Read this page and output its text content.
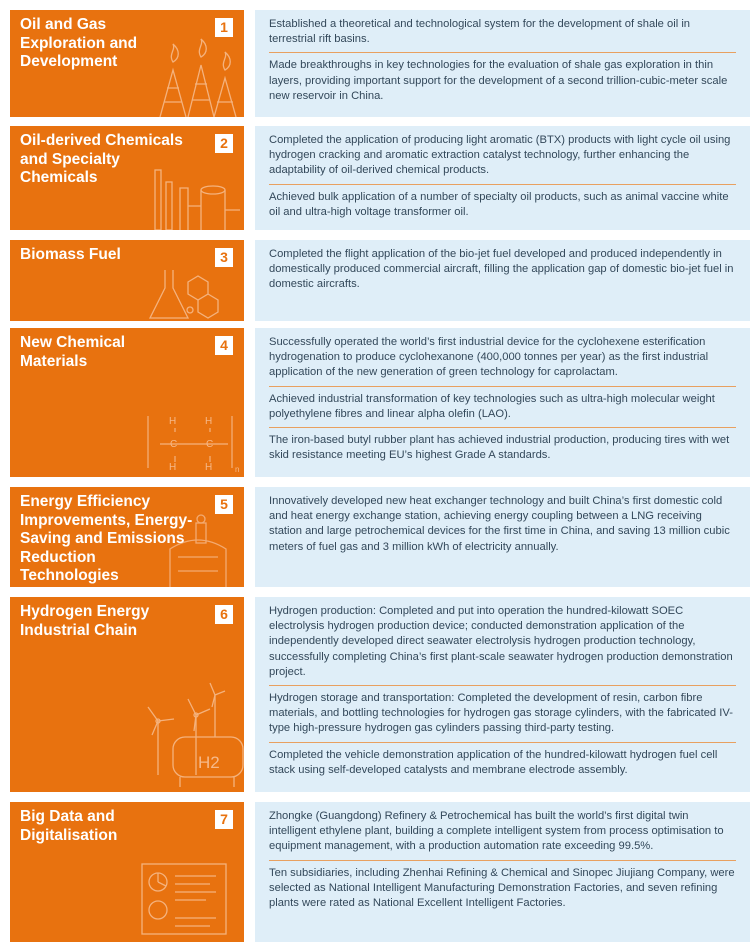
Oil and Gas Exploration and Development
1	Established a theoretical and technological system for the development of shale oil in terrestrial rift basins.
Made breakthroughs in key technologies for the evaluation of shale gas exploration in thin layers, providing important support for the development of a second trillion-cubic-meter scale new reservoir in China.
Oil-derived Chemicals and Specialty Chemicals
2	Completed the application of producing light aromatic (BTX) products with light cycle oil using hydrogen cracking and aromatic extraction catalyst technology, further enhancing the adaptability of oil-derived chemical products.
Achieved bulk application of a number of specialty oil products, such as animal vaccine white oil and ultra-high voltage transformer oil.
Biomass Fuel	3	Completed the flight application of the bio-jet fuel developed and produced independently in domestically produced commercial aircraft, filling the application gap of domestic bio-jet fuel in domestic aircrafts.
New Chemical Materials
4
H	H
C	C
H	H	n
Successfully operated the world’s first industrial device for the cyclohexene esterification hydrogenation to produce cyclohexanone (400,000 tonnes per year) as the first industrial application of the new generation of green technology for caprolactam.
Achieved industrial transformation of key technologies such as ultra-high molecular weight polyethylene fibres and linear alpha olefin (LAO).
The iron-based butyl rubber plant has achieved industrial production, producing tires with wet skid resistance meeting EU’s highest Grade A standards.
Energy Efficiency Improvements, Energy-Saving and Emissions Reduction Technologies
5	Innovatively developed new heat exchanger technology and built China’s first domestic cold and heat energy exchange station, achieving energy coupling between a LNG receiving station and large petrochemical devices for the first time in China, and saving 13 million cubic meters of fuel gas and 3 million kWh of electricity annually.
Hydrogen Energy Industrial Chain
6
H2
Hydrogen production: Completed and put into operation the hundred-kilowatt SOEC electrolysis hydrogen production device; conducted demonstration application of the independently developed direct seawater electrolysis hydrogen production technology, successfully completing China’s first plant-scale seawater hydrogen production demonstration project.
Hydrogen storage and transportation: Completed the development of resin, carbon fibre materials, and bottling technologies for hydrogen gas storage cylinders, with the fabricated IV-type high-pressure hydrogen gas cylinders passing third-party testing.
Completed the vehicle demonstration application of the hundred-kilowatt hydrogen fuel cell stack using self-developed catalysts and membrane electrode assembly.
Big Data and Digitalisation
7	Zhongke (Guangdong) Refinery & Petrochemical has built the world’s first digital twin intelligent ethylene plant, building a complete intelligent system from process optimisation to equipment management, with a production automation rate exceeding 99.5%.
Ten subsidiaries, including Zhenhai Refining & Chemical and Sinopec Jiujiang Company, were selected as National Intelligent Manufacturing Demonstration Factories, and seven refining plants were rated as National Excellent Intelligent Factories.
